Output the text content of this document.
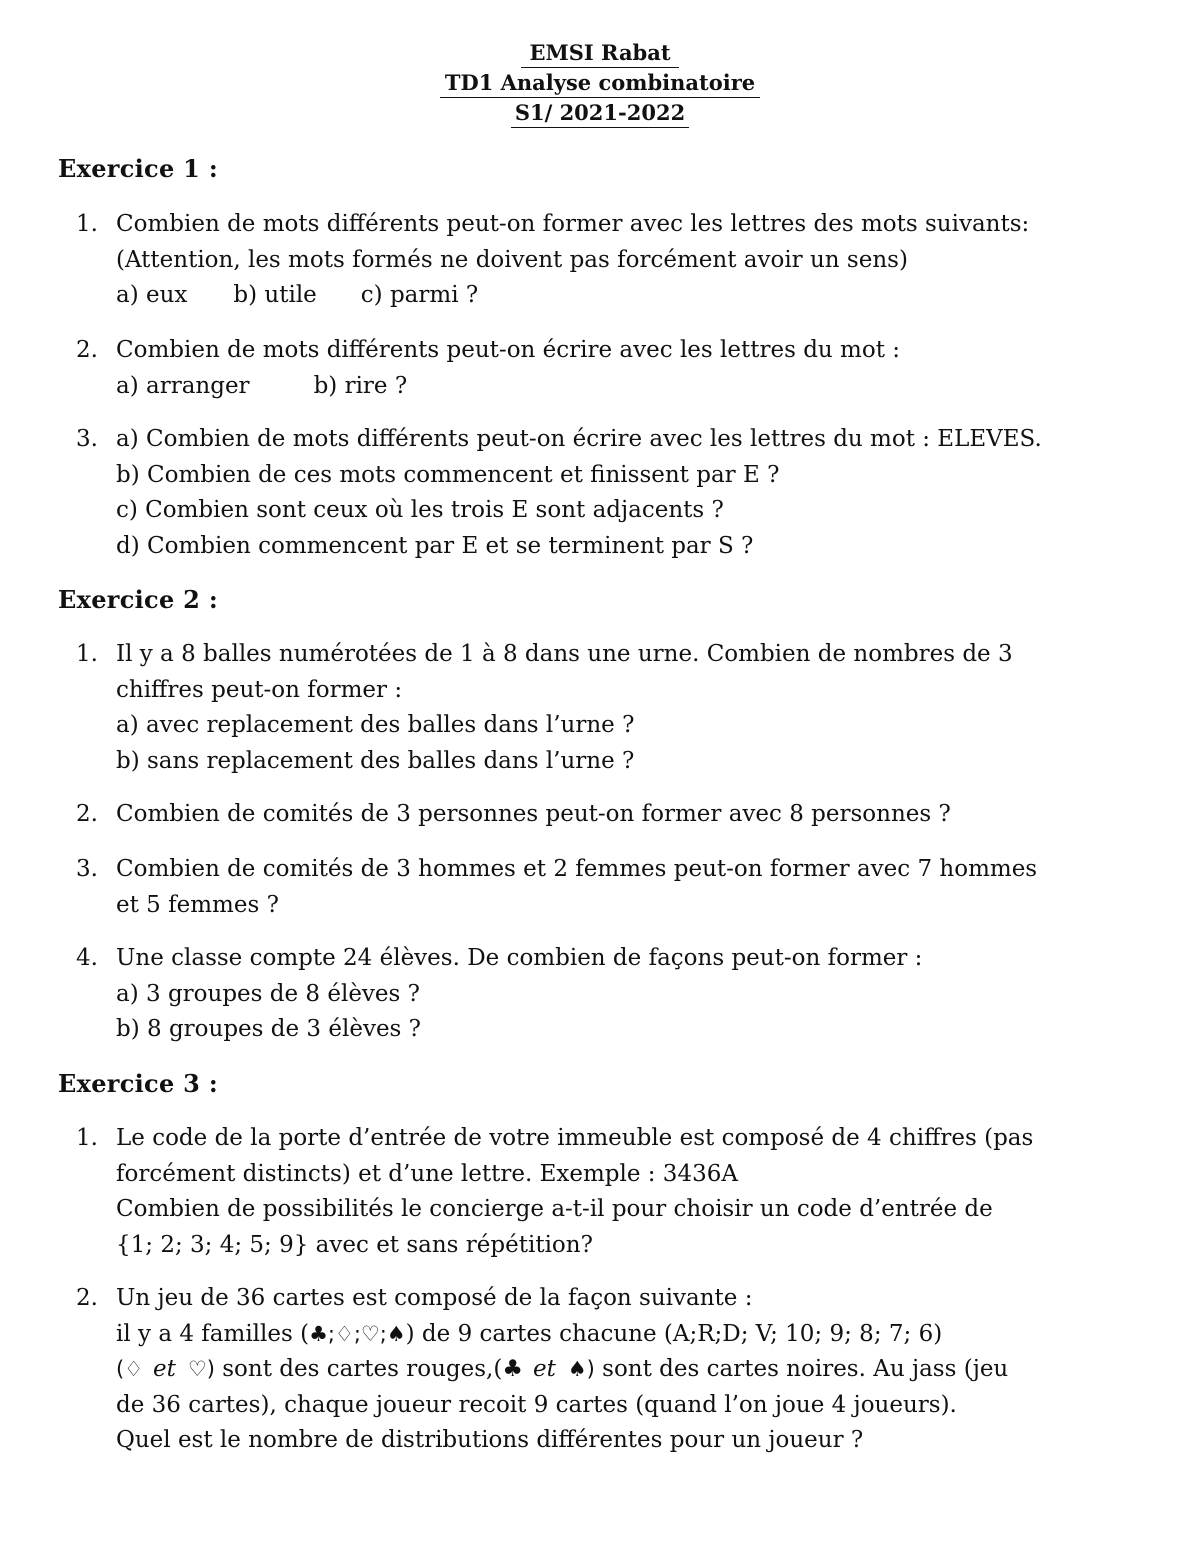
EMSI Rabat
TD1 Analyse combinatoire
S1/ 2021-2022
Exercice 1 :
1. Combien de mots différents peut-on former avec les lettres des mots suivants:
(Attention, les mots formés ne doivent pas forcément avoir un sens)
a) eux b) utile c) parmi ?
2. Combien de mots différents peut-on écrire avec les lettres du mot :
a) arranger	b) rire ?
3. a) Combien de mots différents peut-on écrire avec les lettres du mot : ELEVES.
b) Combien de ces mots commencent et finissent par E ?
c) Combien sont ceux où les trois E sont adjacents ?
d) Combien commencent par E et se terminent par S ?
Exercice 2 :
1. Il y a 8 balles numérotées de 1 à 8 dans une urne. Combien de nombres de 3
chiffres peut-on former :
a) avec replacement des balles dans l’urne ?
b) sans replacement des balles dans l’urne ?
2. Combien de comités de 3 personnes peut-on former avec 8 personnes ?
3. Combien de comités de 3 hommes et 2 femmes peut-on former avec 7 hommes
et 5 femmes ?
4. Une classe compte 24 élèves. De combien de façons peut-on former :
a) 3 groupes de 8 élèves ?
b) 8 groupes de 3 élèves ?
Exercice 3 :
1. Le code de la porte d’entrée de votre immeuble est composé de 4 chiffres (pas
forcément distincts) et d’une lettre. Exemple : 3436A
Combien de possibilités le concierge a-t-il pour choisir un code d’entrée de
{1; 2; 3; 4; 5; 9} avec et sans répétition?
2. Un jeu de 36 cartes est composé de la façon suivante :
il y a 4 familles (♣;♢;♡;♠) de 9 cartes chacune (A;R;D; V; 10; 9; 8; 7; 6)
(♢ et ♡) sont des cartes rouges,(♣ et ♠) sont des cartes noires. Au jass (jeu
de 36 cartes), chaque joueur recoit 9 cartes (quand l’on joue 4 joueurs).
Quel est le nombre de distributions différentes pour un joueur ?
